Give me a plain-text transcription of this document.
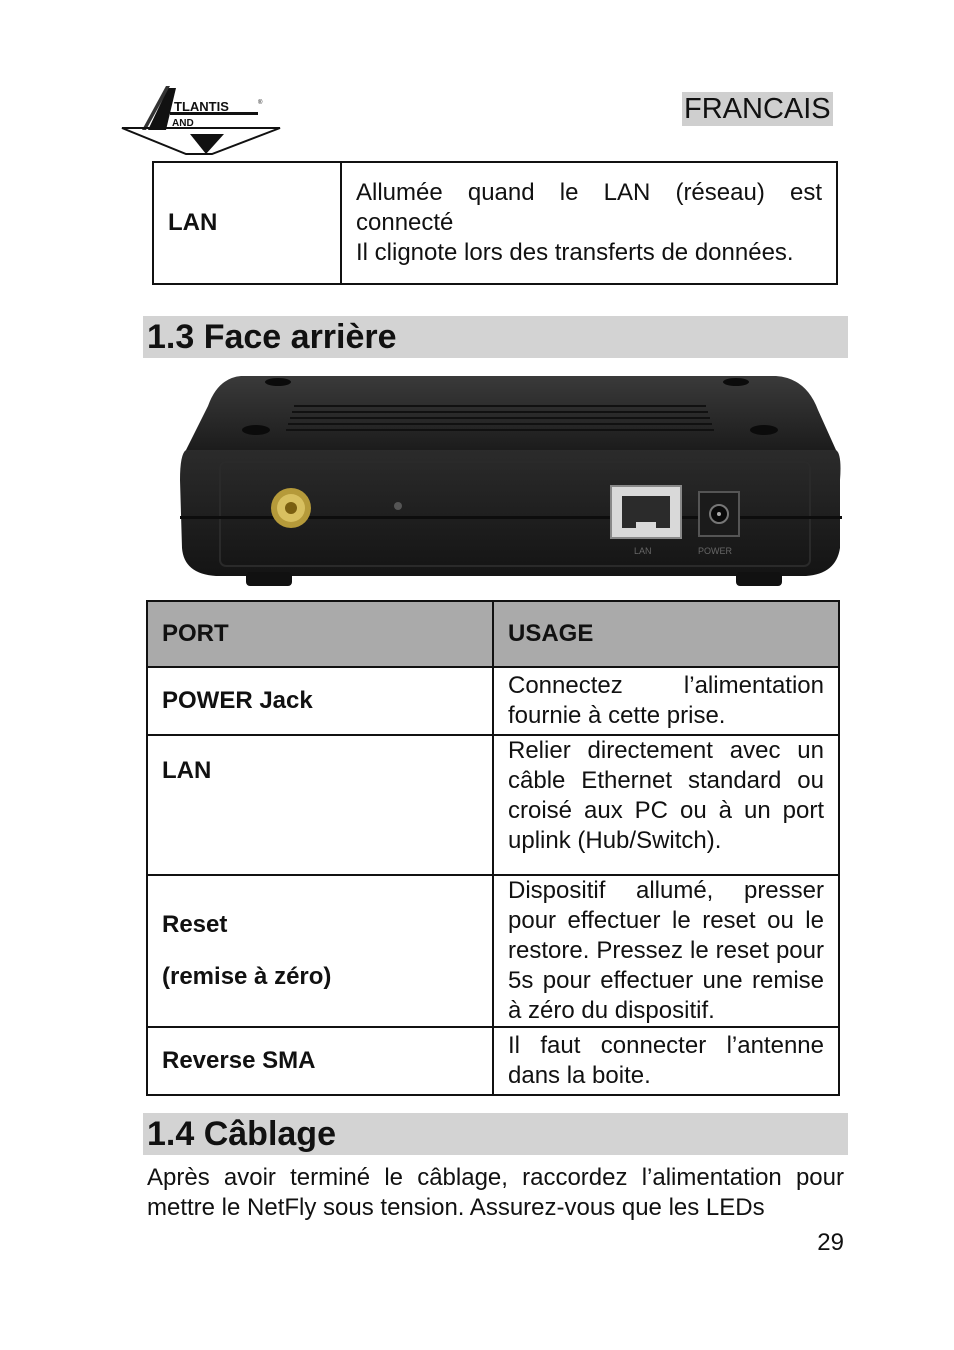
TLANTIS	®
AND	FRANCAIS
LAN	
Allumée quand le LAN (réseau) est connecté
Il clignote lors des transferts de données.
1.3 Face arrière
LAN	POWER
PORT	USAGE
POWER Jack	Connectez l’alimentation fournie à cette prise.
LAN	Relier directement avec un câble Ethernet standard ou croisé aux PC ou à un port uplink (Hub/Switch).

Reset

(remise à zéro)	Dispositif allumé, presser pour effectuer le reset ou le restore. Pressez le reset pour 5s pour effectuer une remise à zéro du dispositif.
Reverse SMA	Il faut connecter l’antenne dans la boite.
1.4 Câblage

Après avoir terminé le câblage, raccordez l’alimentation pour mettre le NetFly sous tension. Assurez-vous que les LEDs

29
